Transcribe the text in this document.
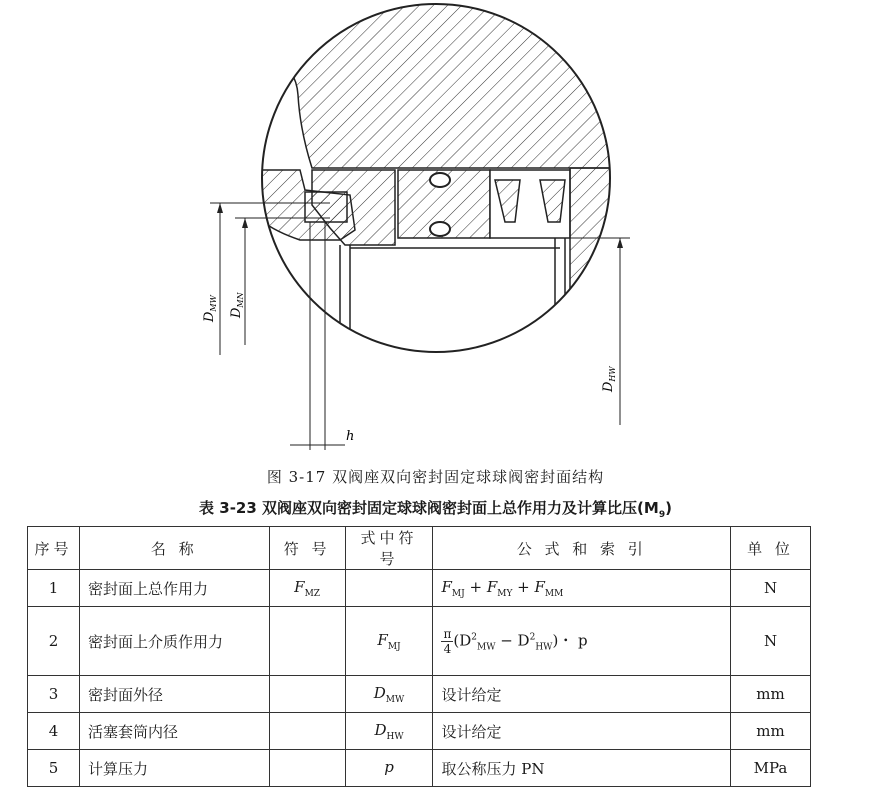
$D_{MW}$
$D_{MN}$
$D_{HW}$
h
图 3-17 双阀座双向密封固定球球阀密封面结构
表 3-23 双阀座双向密封固定球球阀密封面上总作用力及计算比压$(M_9)$
序号	名 称	符 号	式中符号	公 式 和 索 引	单 位
1	密封面上总作用力	$F_{MZ}$		$F_{MJ} + F_{MY} + F_{MM}$	N
2	密封面上介质作用力		$F_{MJ}$	$\frac{\pi}{4} (D^2_{MW} - D^2_{HW})$・ p	N
3	密封面外径		$D_{MW}$	设计给定	mm
4	活塞套筒内径		$D_{HW}$	设计给定	mm
5	计算压力		p	取公称压力 PN	MPa
